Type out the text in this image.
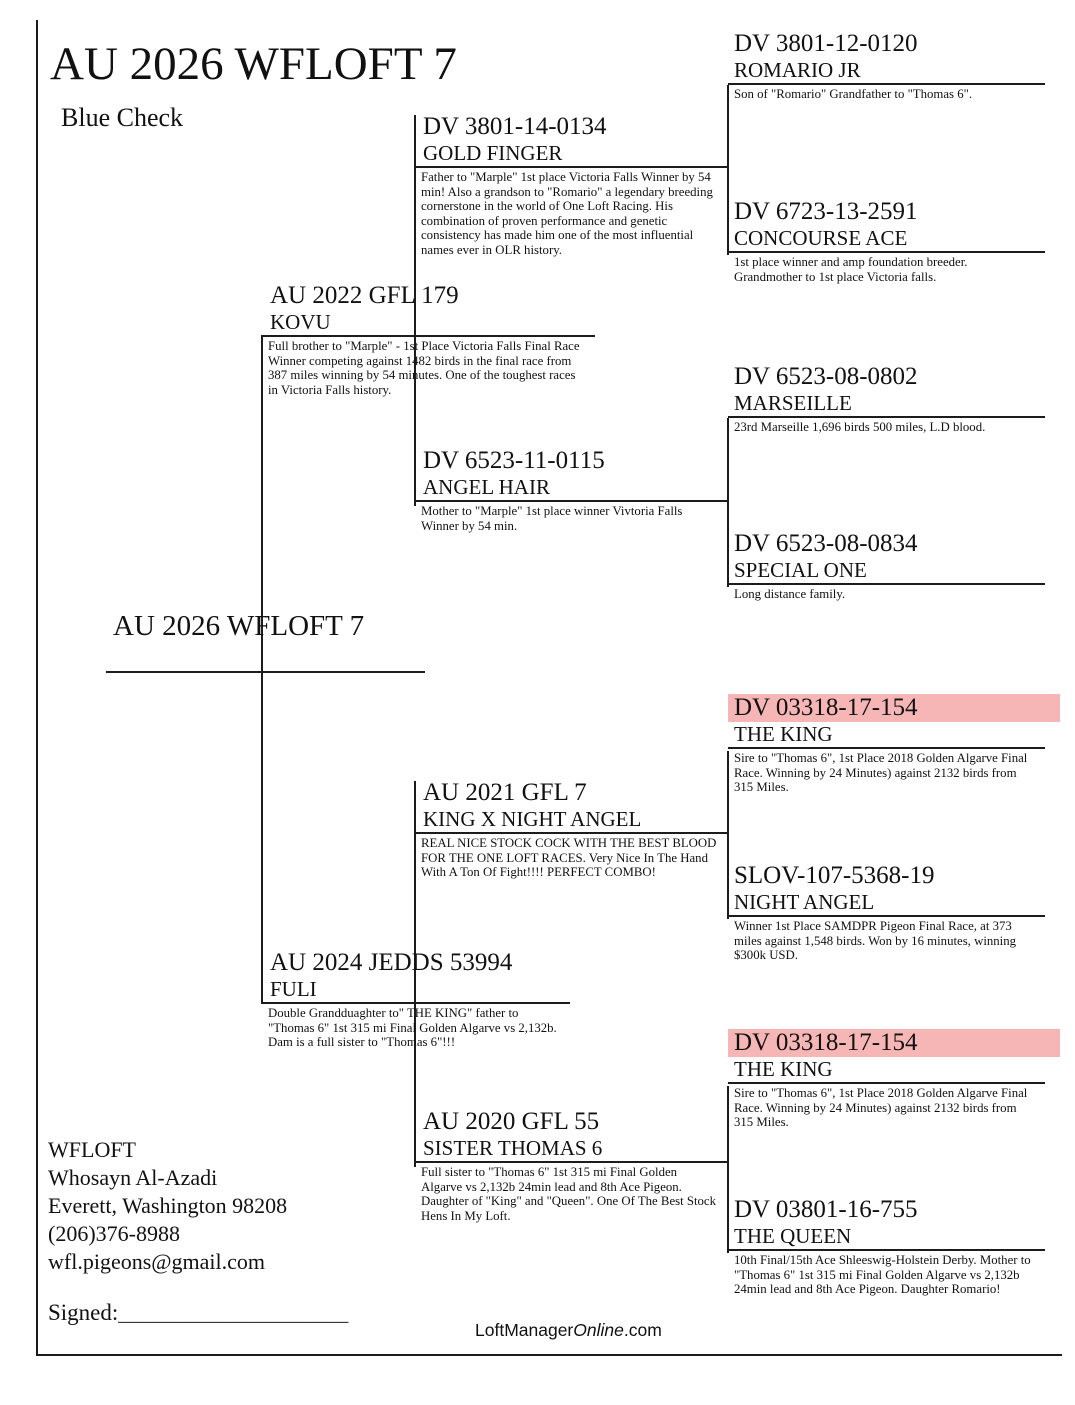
AU 2026 WFLOFT 7
Blue Check
AU 2026 WFLOFT 7
AU 2022 GFL 179
KOVU
Full brother to "Marple" - 1st Place Victoria Falls Final Race Winner competing against 1482 birds in the final race from 387 miles winning by 54 minutes. One of the toughest races in Victoria Falls history.
AU 2024 JEDDS 53994
FULI
Double Grandduaghter to" THE KING" father to "Thomas 6" 1st 315 mi Final Golden Algarve vs 2,132b. Dam is a full sister to "Thomas 6"!!!
DV 3801-14-0134
GOLD FINGER
Father to "Marple" 1st place Victoria Falls Winner by 54 min! Also a grandson to "Romario" a legendary breeding cornerstone in the world of One Loft Racing. His combination of proven performance and genetic consistency has made him one of the most influential names ever in OLR history.
DV 6523-11-0115
ANGEL HAIR
Mother to "Marple" 1st place winner Vivtoria Falls Winner by 54 min.
AU 2021 GFL 7
KING X NIGHT ANGEL
REAL NICE STOCK COCK WITH THE BEST BLOOD FOR THE ONE LOFT RACES. Very Nice In The Hand With A Ton Of Fight!!!! PERFECT COMBO!
AU 2020 GFL 55
SISTER THOMAS 6
Full sister to "Thomas 6" 1st 315 mi Final Golden Algarve vs 2,132b 24min lead and 8th Ace Pigeon. Daughter of "King" and "Queen". One Of The Best Stock Hens In My Loft.
DV 3801-12-0120
ROMARIO JR
Son of "Romario" Grandfather to "Thomas 6".
DV 6723-13-2591
CONCOURSE ACE
1st place winner and amp foundation breeder. Grandmother to 1st place Victoria falls.
DV 6523-08-0802
MARSEILLE
23rd Marseille 1,696 birds 500 miles, L.D blood.
DV 6523-08-0834
SPECIAL ONE
Long distance family.
DV 03318-17-154
THE KING
Sire to "Thomas 6", 1st Place 2018 Golden Algarve Final Race. Winning by 24 Minutes) against 2132 birds from 315 Miles.
SLOV-107-5368-19
NIGHT ANGEL
Winner 1st Place SAMDPR Pigeon Final Race, at 373 miles against 1,548 birds. Won by 16 minutes, winning $300k USD.
DV 03318-17-154
THE KING
Sire to "Thomas 6", 1st Place 2018 Golden Algarve Final Race. Winning by 24 Minutes) against 2132 birds from 315 Miles.
DV 03801-16-755
THE QUEEN
10th Final/15th Ace Shleeswig-Holstein Derby. Mother to "Thomas 6" 1st 315 mi Final Golden Algarve vs 2,132b 24min lead and 8th Ace Pigeon. Daughter Romario!
WFLOFT
Whosayn Al-Azadi
Everett, Washington 98208
(206)376-8988
wfl.pigeons@gmail.com
Signed:____________________
LoftManagerOnline.com
